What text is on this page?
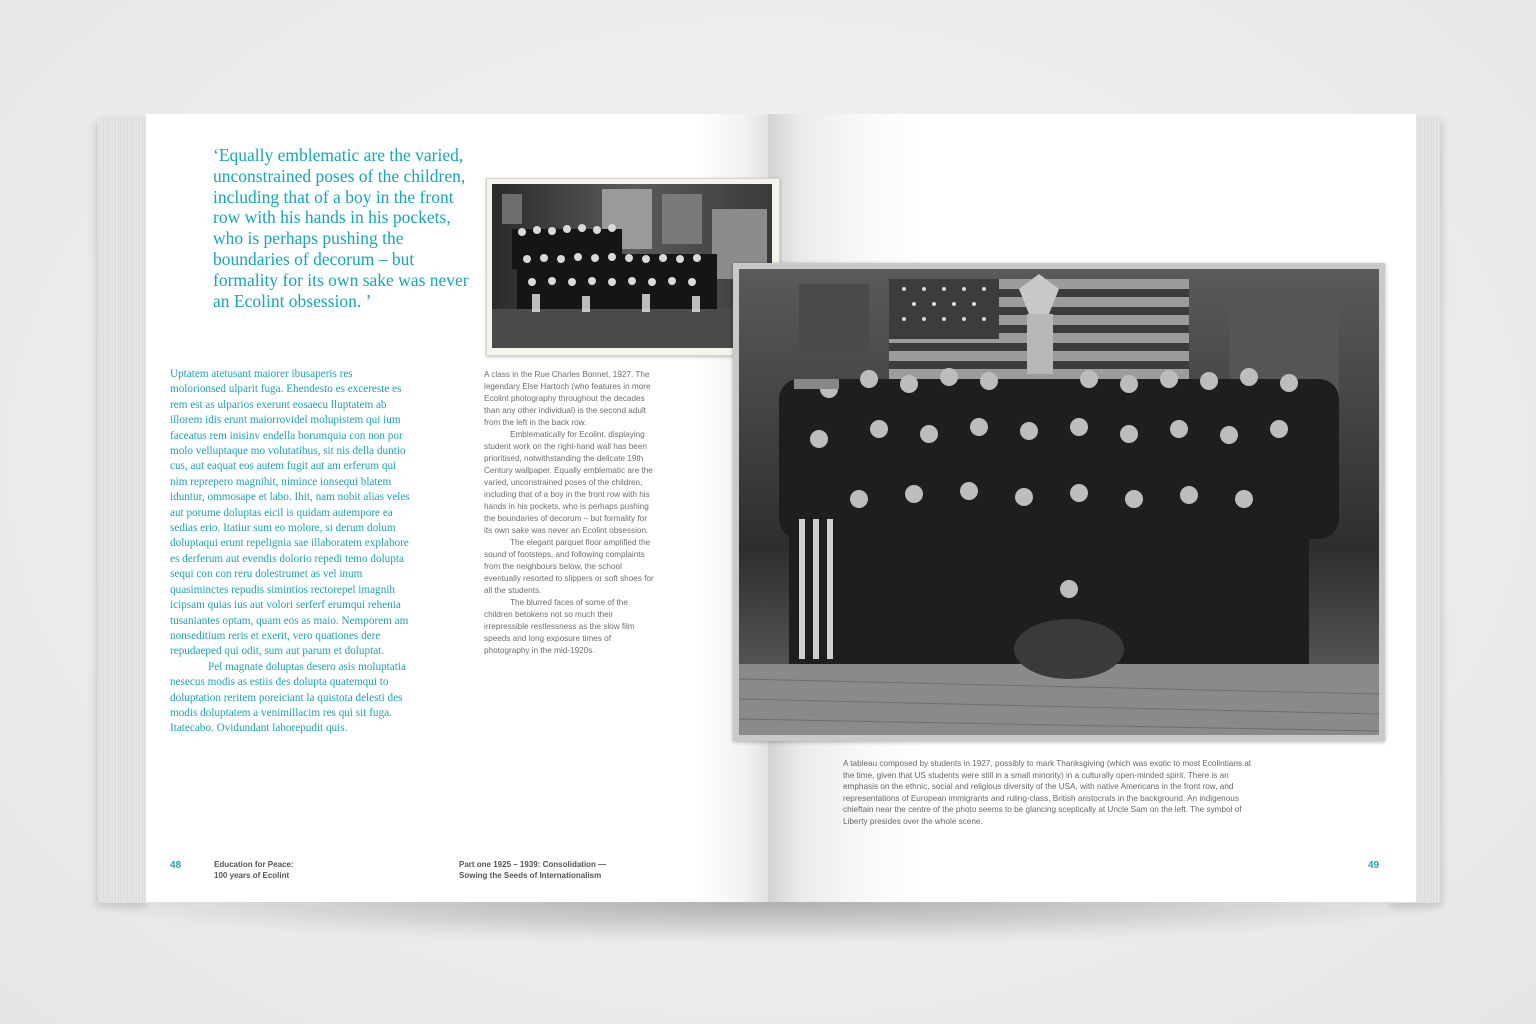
‘Equally emblematic are the varied, unconstrained poses of the children, including that of a boy in the front row with his hands in his pockets, who is perhaps pushing the boundaries of decorum – but formality for its own sake was never an Ecolint obsession. ’

Uptatem atetusant maiorer ibusaperis res molorionsed ulparit fuga. Ehendesto es excereste es rem est as ulparios exerunt eosaecu lluptatem ab illorem idis erunt maiorrovidel molupistem qui ium faceatus rem inisinv endella borumquia con non por molo velluptaque mo volutatibus, sit nis della duntio cus, aut eaquat eos autem fugit aut am erferum qui nim reprepero magnihit, nimince ionsequi blatem iduntur, ommosape et labo. Ihit, nam nobit alias veles aut porume doluptas eicil is quidam autempore ea sedias erio. Itatiur sum eo molore, si derum dolum doluptaqui erunt repelignia sae illaboratem explabore es derferum aut evendis dolorio repedi temo dolupta sequi con con reru dolestrumet as vel inum quasiminctes repudis simintios rectorepel imagnih icipsam quias ius aut volori serferf erumqui rehenia tusaniantes optam, quam eos as maio. Nemporem am nonseditium reris et exerit, vero quationes dere repudaeped qui odit, sum aut parum et doluptat.

Pel magnate doluptas desero asis moluptatia nesecus modis as estiis des dolupta quatemqui to doluptation reritem poreiciant la quistota delesti des modis doluptatem a venimillacim res qui sit fuga. Itatecabo. Ovidundant laborepudit quis.

A class in the Rue Charles Bonnet, 1927. The legendary Else Hartoch (who features in more Ecolint photography throughout the decades than any other individual) is the second adult from the left in the back row.

Emblematically for Ecolint, displaying student work on the right-hand wall has been prioritised, notwithstanding the delicate 19th Century wallpaper. Equally emblematic are the varied, unconstrained poses of the children, including that of a boy in the front row with his hands in his pockets, who is perhaps pushing the boundaries of decorum – but formality for its own sake was never an Ecolint obsession.

The elegant parquet floor amplified the sound of footsteps, and following complaints from the neighbours below, the school eventually resorted to slippers or soft shoes for all the students.

The blurred faces of some of the children betokens not so much their irrepressible restlessness as the slow film speeds and long exposure times of photography in the mid-1920s.

A tableau composed by students in 1927, possibly to mark Thanksgiving (which was exotic to most Ecolintians at the time, given that US students were still in a small minority) in a culturally open-minded spirit. There is an emphasis on the ethnic, social and religious diversity of the USA, with native Americans in the front row, and representations of European immigrants and ruling-class, British aristocrats in the background. An indigenous chieftain near the centre of the photo seems to be glancing sceptically at Uncle Sam on the left. The symbol of Liberty presides over the whole scene.

48	Education for Peace:
100 years of Ecolint
Part one 1925 – 1939: Consolidation —
Sowing the Seeds of Internationalism
49
